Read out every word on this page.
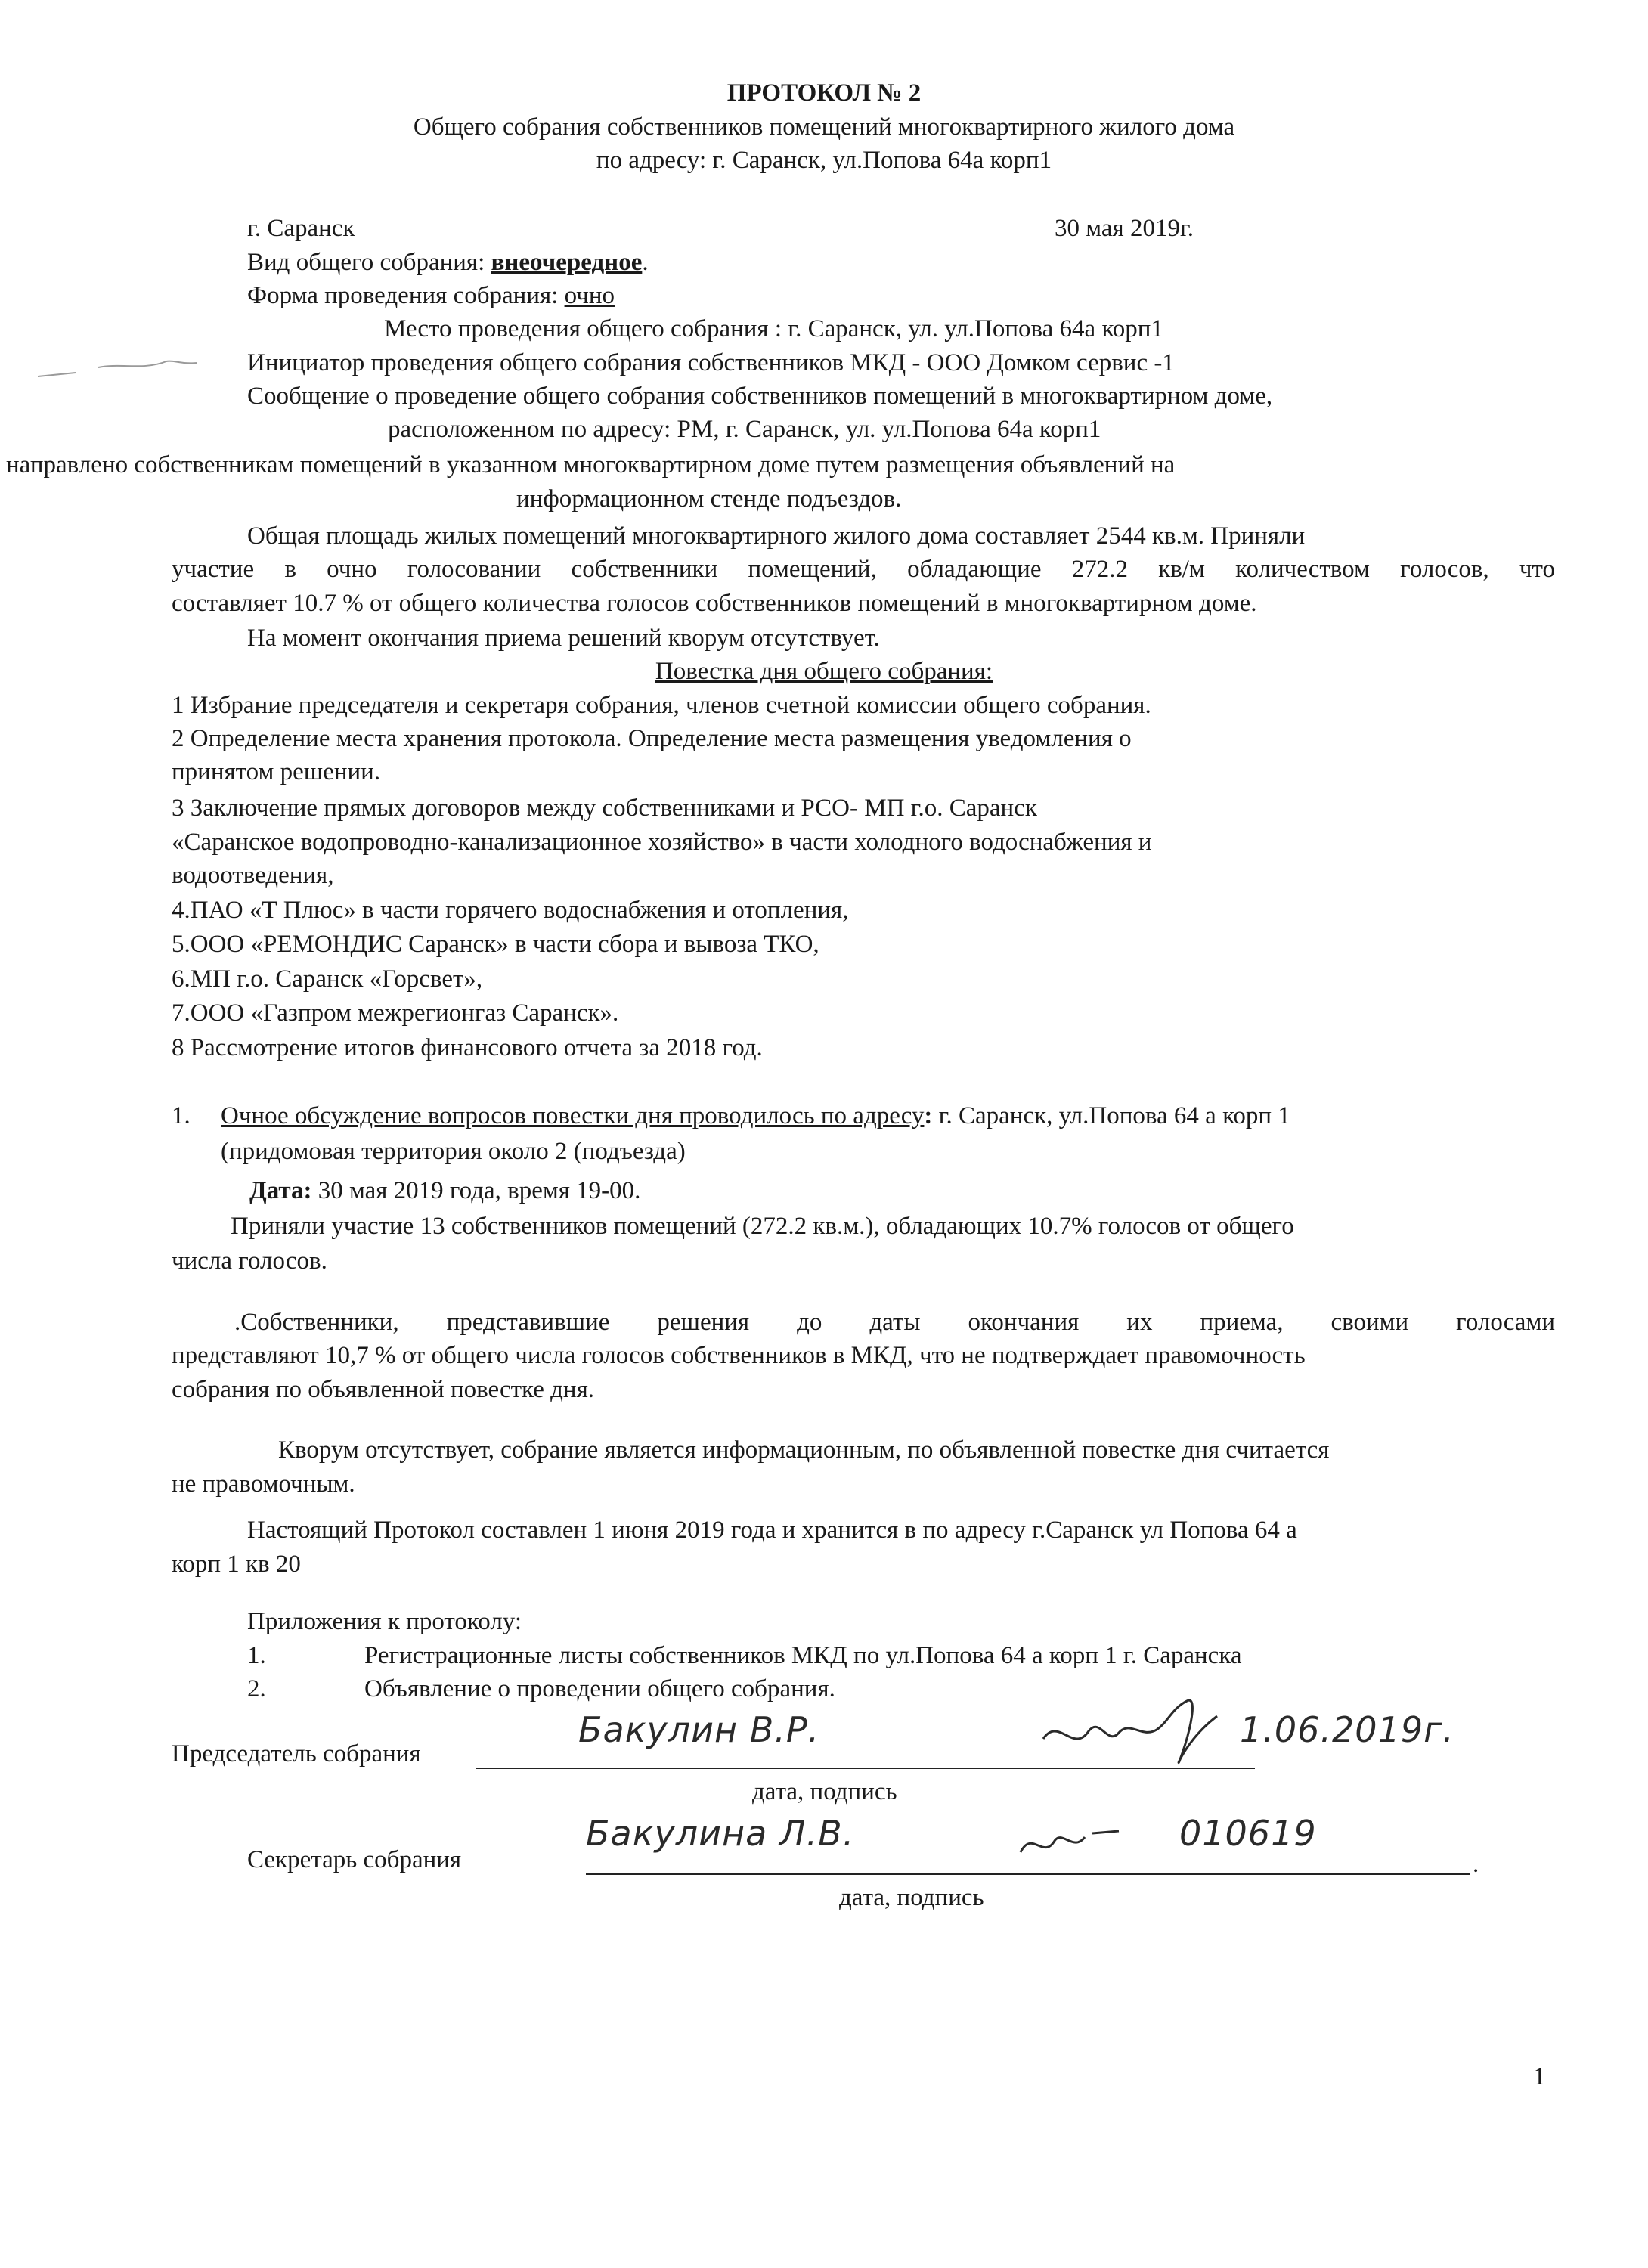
ПРОТОКОЛ № 2
Общего собрания собственников помещений многоквартирного жилого дома
по адресу: г. Саранск, ул.Попова 64а корп1
г. Саранск	30 мая 2019г.
Вид общего собрания: внеочередное.
Форма проведения собрания: очно
Место проведения общего собрания : г. Саранск, ул. ул.Попова 64а корп1
Инициатор проведения общего собрания собственников МКД - ООО Домком сервис -1
Сообщение о проведение общего собрания собственников помещений в многоквартирном доме,
расположенном по адресу: РМ, г. Саранск, ул. ул.Попова 64а корп1
направлено собственникам помещений в указанном многоквартирном доме путем размещения объявлений на
информационном стенде подъездов.
Общая площадь жилых помещений многоквартирного жилого дома составляет 2544 кв.м. Приняли
участие в очно голосовании собственники помещений, обладающие 272.2 кв/м количеством голосов, что
составляет 10.7 % от общего количества голосов собственников помещений в многоквартирном доме.
На момент окончания приема решений кворум отсутствует.
Повестка дня общего собрания:
1 Избрание председателя и секретаря собрания, членов счетной комиссии общего собрания.
2 Определение места хранения протокола. Определение места размещения уведомления о
принятом решении.
3 Заключение прямых договоров между собственниками и РСО- МП г.о. Саранск
«Саранское водопроводно-канализационное хозяйство» в части холодного водоснабжения и
водоотведения,
4.ПАО «Т Плюс» в части горячего водоснабжения и отопления,
5.ООО «РЕМОНДИС Саранск» в части сбора и вывоза ТКО,
6.МП г.о. Саранск «Горсвет»,
7.ООО «Газпром межрегионгаз Саранск».
8 Рассмотрение итогов финансового отчета за 2018 год.
1. Очное обсуждение вопросов повестки дня проводилось по адресу: г. Саранск, ул.Попова 64 а корп 1
(придомовая территория около 2 (подъезда)
Дата: 30 мая 2019 года, время 19-00.
Приняли участие 13 собственников помещений (272.2 кв.м.), обладающих 10.7% голосов от общего
числа голосов.
.Собственники, представившие решения до даты окончания их приема, своими голосами
представляют 10,7 % от общего числа голосов собственников в МКД, что не подтверждает правомочность
собрания по объявленной повестке дня.
Кворум отсутствует, собрание является информационным, по объявленной повестке дня считается
не правомочным.
Настоящий Протокол составлен 1 июня 2019 года и хранится в по адресу г.Саранск ул Попова 64 а
корп 1 кв 20
Приложения к протоколу:
1.	Регистрационные листы собственников МКД по ул.Попова 64 а корп 1 г. Саранска
2.	Объявление о проведении общего собрания.
Председатель собрания
Бакулин В.Р.	1.06.2019г.
дата, подпись
Секретарь собрания
Бакулина Л.В.	010619
.
дата, подпись
1
